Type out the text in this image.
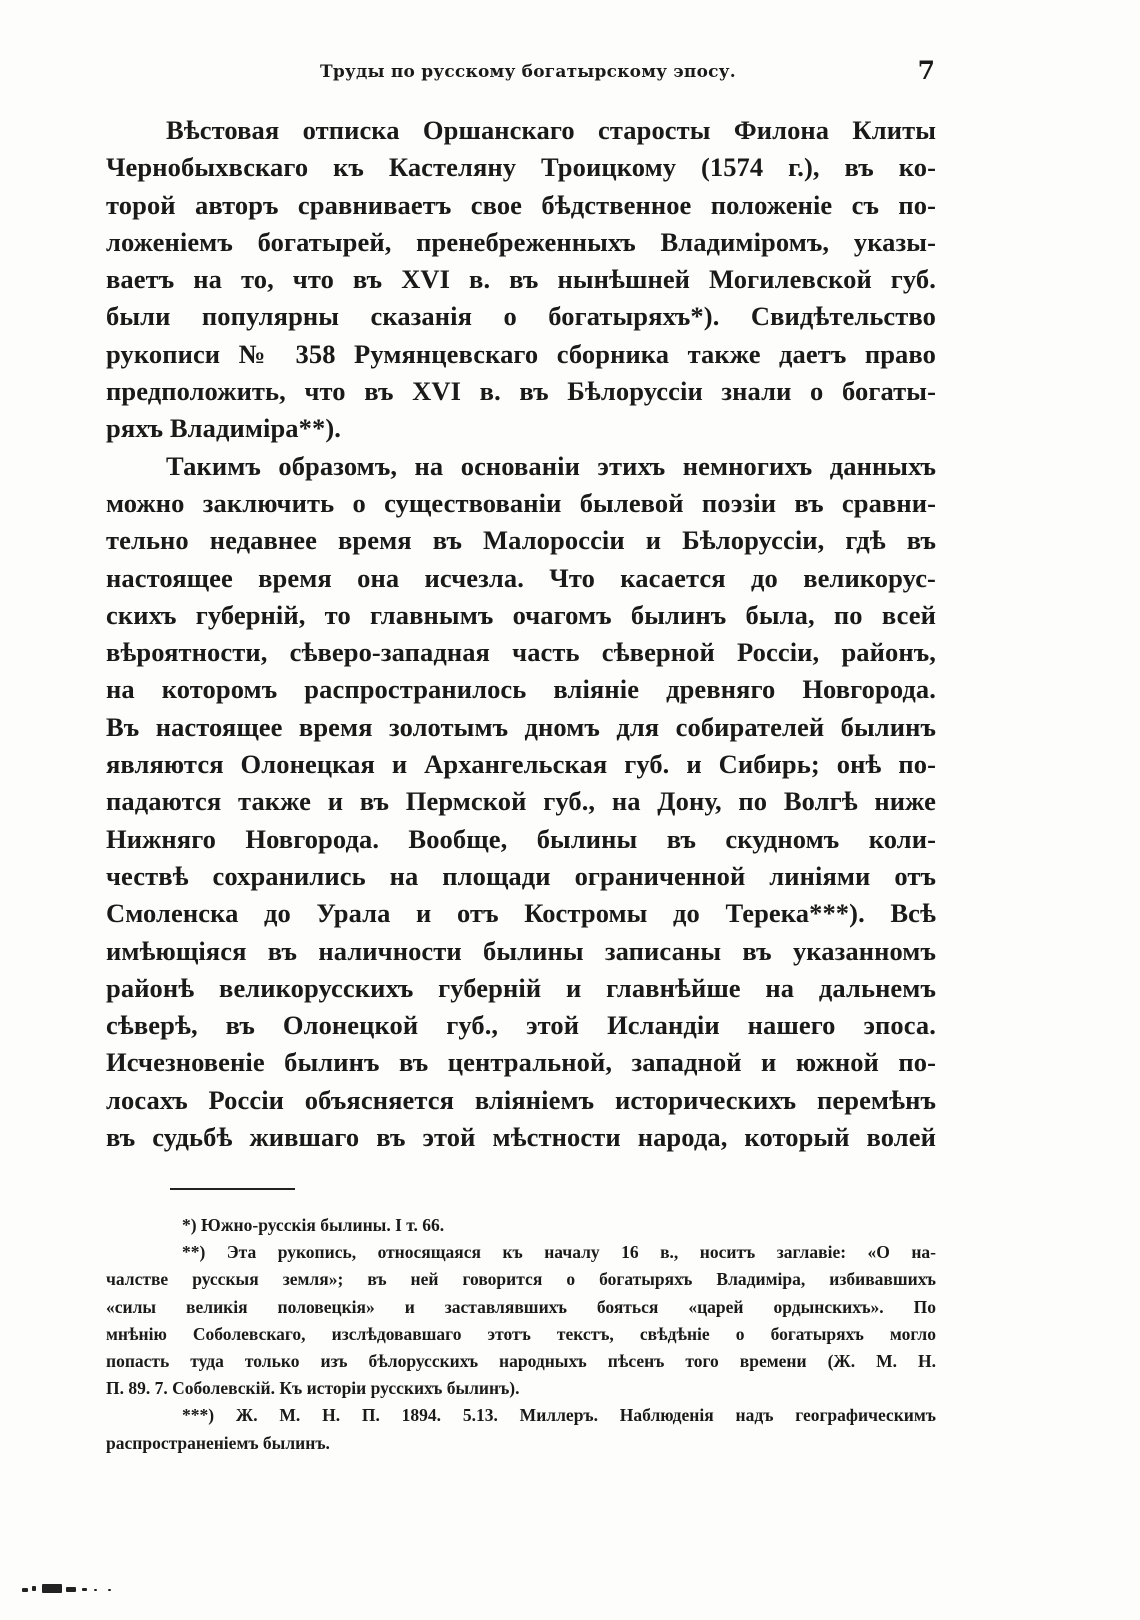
Труды по русскому богатырскому эпосу.	7
Вѣстовая отписка Оршанскаго старосты Филона Клиты
Чернобыхвскаго къ Кастеляну Троицкому (1574 г.), въ ко-
торой авторъ сравниваетъ свое бѣдственное положеніе съ по-
ложеніемъ богатырей, пренебреженныхъ Владиміромъ, указы-
ваетъ на то, что въ XVI в. въ нынѣшней Могилевской губ.
были популярны сказанія о богатыряхъ*). Свидѣтельство
рукописи № 358 Румянцевскаго сборника также даетъ право
предположить, что въ XVI в. въ Бѣлоруссіи знали о богаты-
ряхъ Владиміра**).
Такимъ образомъ, на основаніи этихъ немногихъ данныхъ
можно заключить о существованіи былевой поэзіи въ сравни-
тельно недавнее время въ Малороссіи и Бѣлоруссіи, гдѣ въ
настоящее время она исчезла. Что касается до великорус-
скихъ губерній, то главнымъ очагомъ былинъ была, по всей
вѣроятности, сѣверо-западная часть сѣверной Россіи, районъ,
на которомъ распространилось вліяніе древняго Новгорода.
Въ настоящее время золотымъ дномъ для собирателей былинъ
являются Олонецкая и Архангельская губ. и Сибирь; онѣ по-
падаются также и въ Пермской губ., на Дону, по Волгѣ ниже
Нижняго Новгорода. Вообще, былины въ скудномъ коли-
чествѣ сохранились на площади ограниченной линіями отъ
Смоленска до Урала и отъ Костромы до Терека***). Всѣ
имѣющіяся въ наличности былины записаны въ указанномъ
районѣ великорусскихъ губерній и главнѣйше на дальнемъ
сѣверѣ, въ Олонецкой губ., этой Исландіи нашего эпоса.
Исчезновеніе былинъ въ центральной, западной и южной по-
лосахъ Россіи объясняется вліяніемъ историческихъ перемѣнъ
въ судьбѣ жившаго въ этой мѣстности народа, который волей
*) Южно-русскія былины. I т. 66.
**) Эта рукопись, относящаяся къ началу 16 в., носитъ заглавіе: «О на-
чалстве русскыя земля»; въ ней говорится о богатыряхъ Владиміра, избивавшихъ
«силы великія половецкія» и заставлявшихъ бояться «царей ордынскихъ». По
мнѣнію Соболевскаго, изслѣдовавшаго этотъ текстъ, свѣдѣніе о богатыряхъ могло
попасть туда только изъ бѣлорусскихъ народныхъ пѣсенъ того времени (Ж. М. Н.
П. 89. 7. Соболевскій. Къ исторіи русскихъ былинъ).
***) Ж. М. Н. П. 1894. 5.13. Миллеръ. Наблюденія надъ географическимъ
распространеніемъ былинъ.
